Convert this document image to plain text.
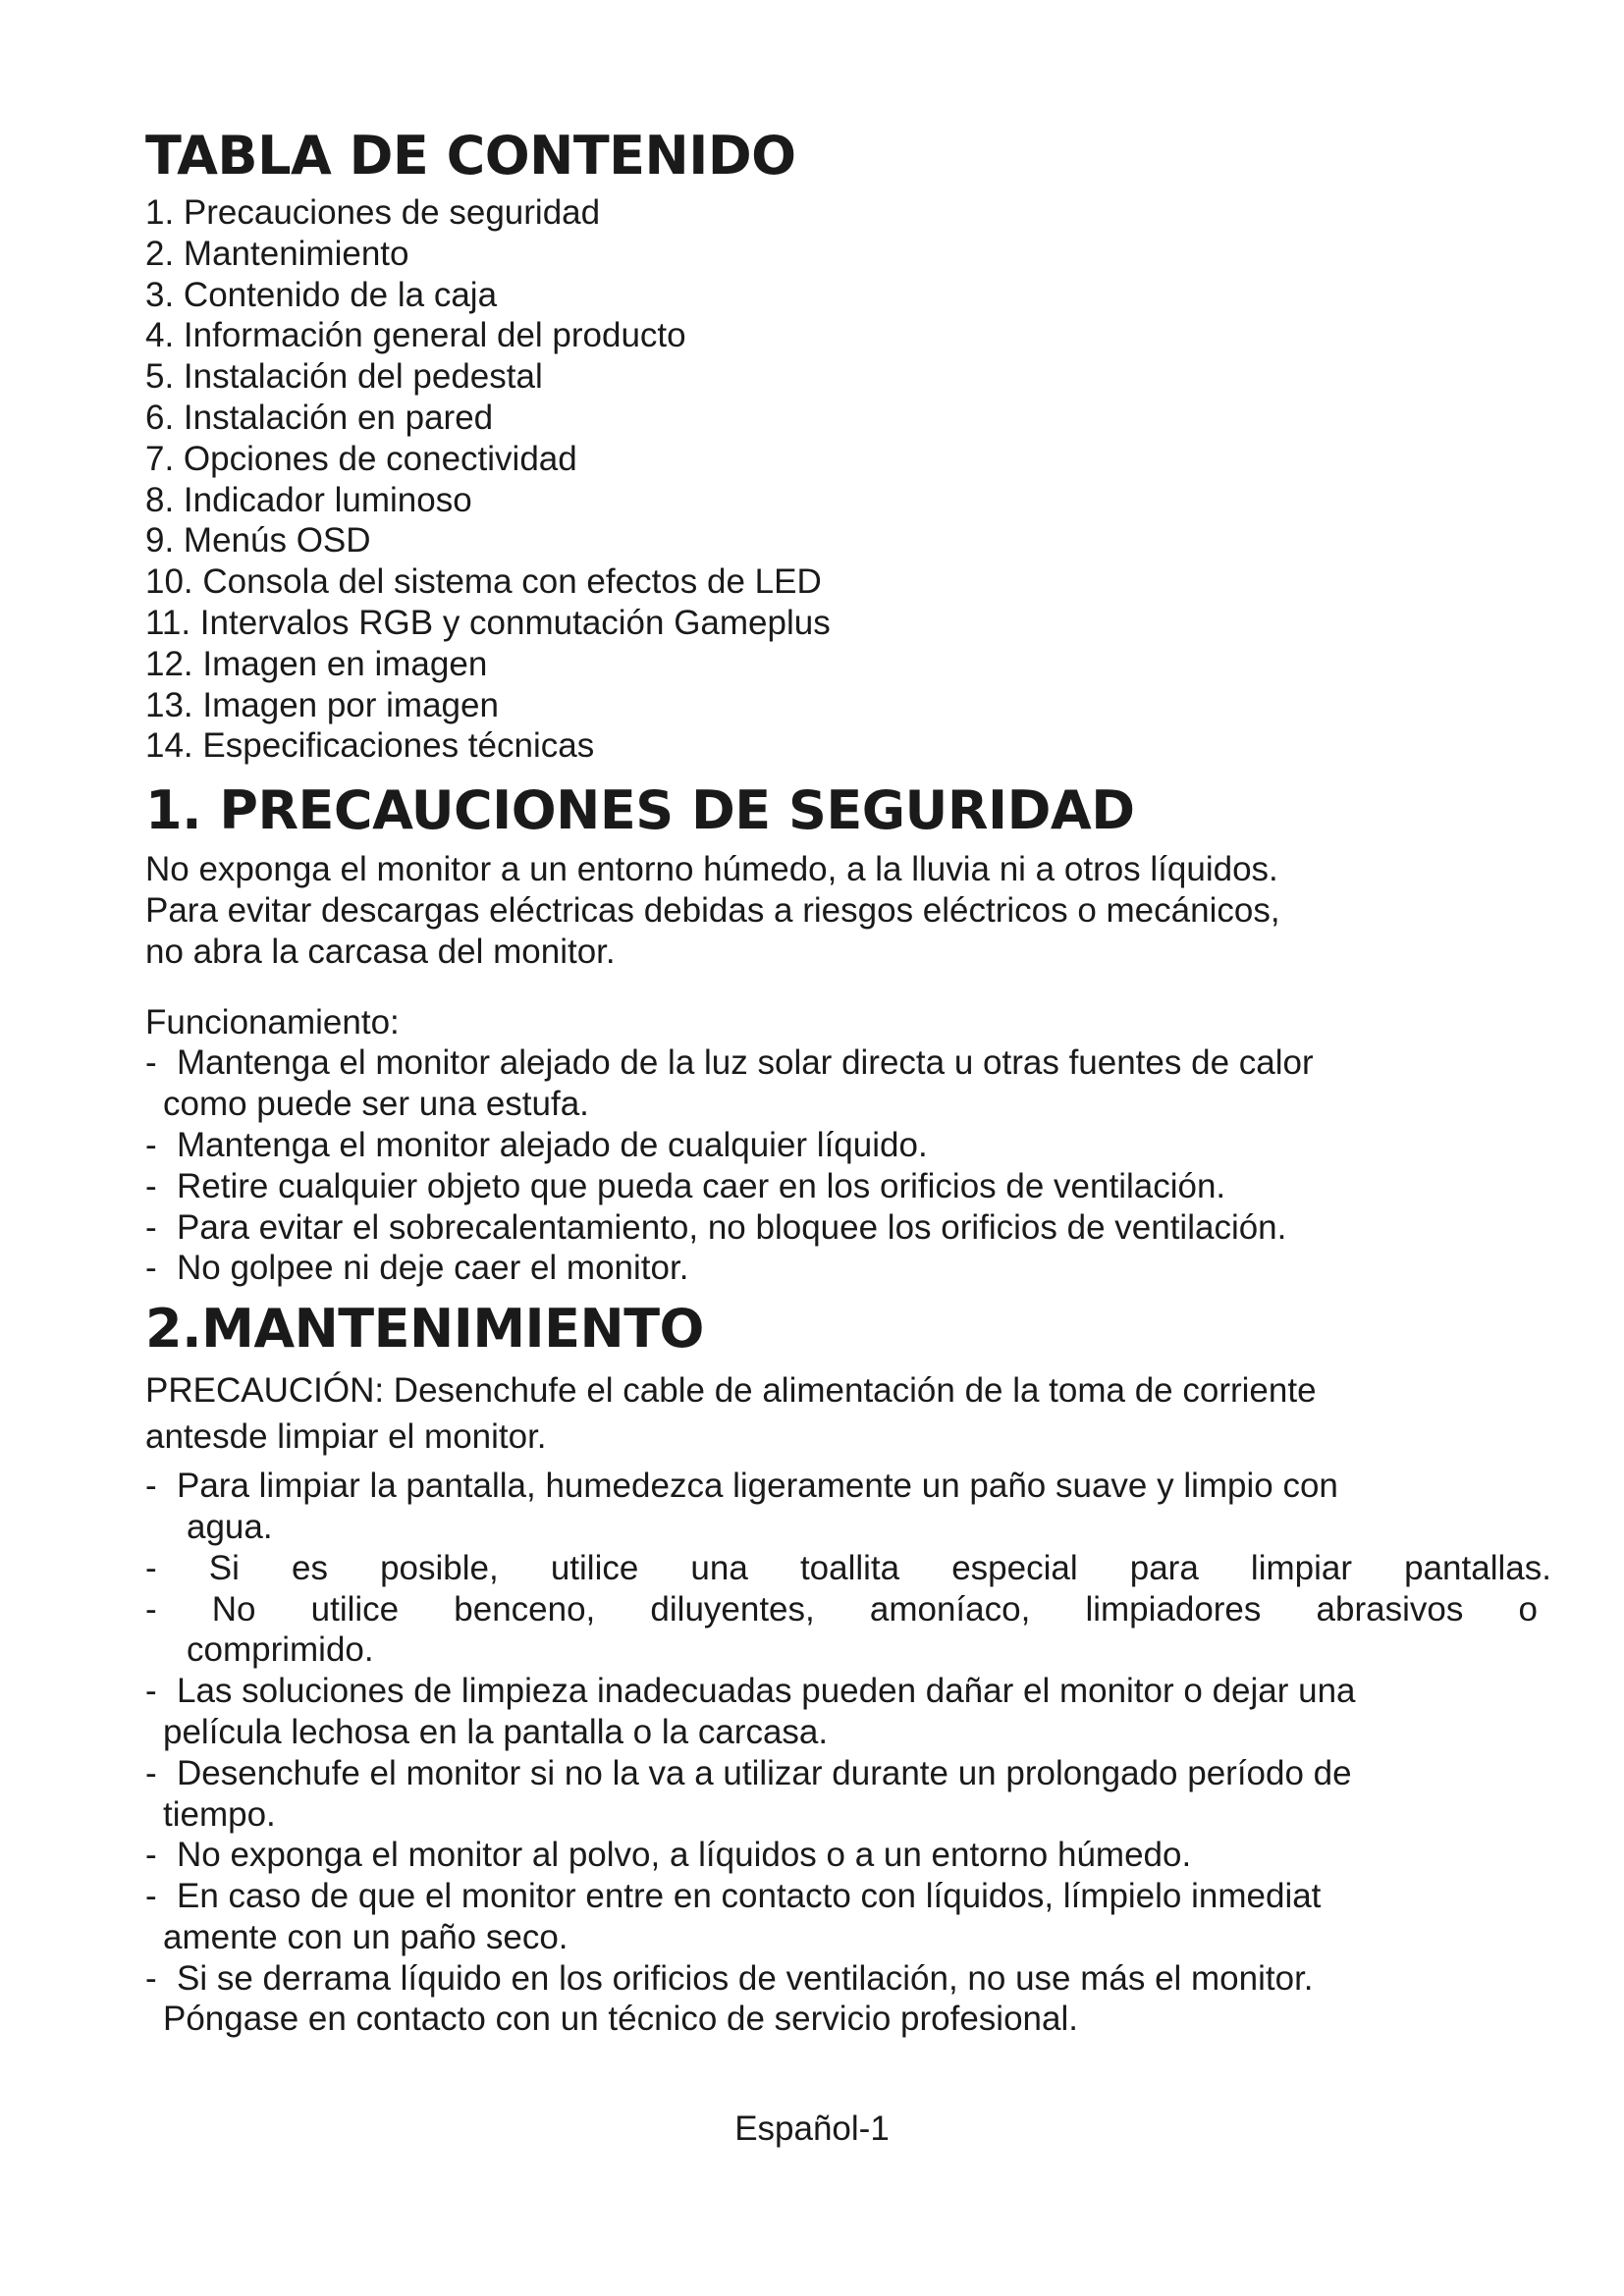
TABLA DE CONTENIDO
1. Precauciones de seguridad
2. Mantenimiento
3. Contenido de la caja
4. Información general del producto
5. Instalación del pedestal
6. Instalación en pared
7. Opciones de conectividad
8. Indicador luminoso
9. Menús OSD
10. Consola del sistema con efectos de LED
11. Intervalos RGB y conmutación Gameplus
12. Imagen en imagen
13. Imagen por imagen
14. Especificaciones técnicas
1. PRECAUCIONES DE SEGURIDAD

No exponga el monitor a un entorno húmedo, a la lluvia ni a otros líquidos.

Para evitar descargas eléctricas debidas a riesgos eléctricos o mecánicos,

no abra la carcasa del monitor.

Funcionamiento:

- Mantenga el monitor alejado de la luz solar directa u otras fuentes de calor
como puede ser una estufa.
- Mantenga el monitor alejado de cualquier líquido.
- Retire cualquier objeto que pueda caer en los orificios de ventilación.
- Para evitar el sobrecalentamiento, no bloquee los orificios de ventilación.
- No golpee ni deje caer el monitor.
2.MANTENIMIENTO
PRECAUCIÓN: Desenchufe el cable de alimentación de la toma de corriente
antesde limpiar el monitor.
- Para limpiar la pantalla, humedezca ligeramente un paño suave y limpio con
agua.
- Si es posible, utilice una toallita especial para limpiar pantallas.
- No utilice benceno, diluyentes, amoníaco, limpiadores abrasivos o
comprimido.
- Las soluciones de limpieza inadecuadas pueden dañar el monitor o dejar una
película lechosa en la pantalla o la carcasa.
- Desenchufe el monitor si no la va a utilizar durante un prolongado período de
tiempo.
- No exponga el monitor al polvo, a líquidos o a un entorno húmedo.
- En caso de que el monitor entre en contacto con líquidos, límpielo inmediat
amente con un paño seco.
- Si se derrama líquido en los orificios de ventilación, no use más el monitor.
Póngase en contacto con un técnico de servicio profesional.
Español-1
